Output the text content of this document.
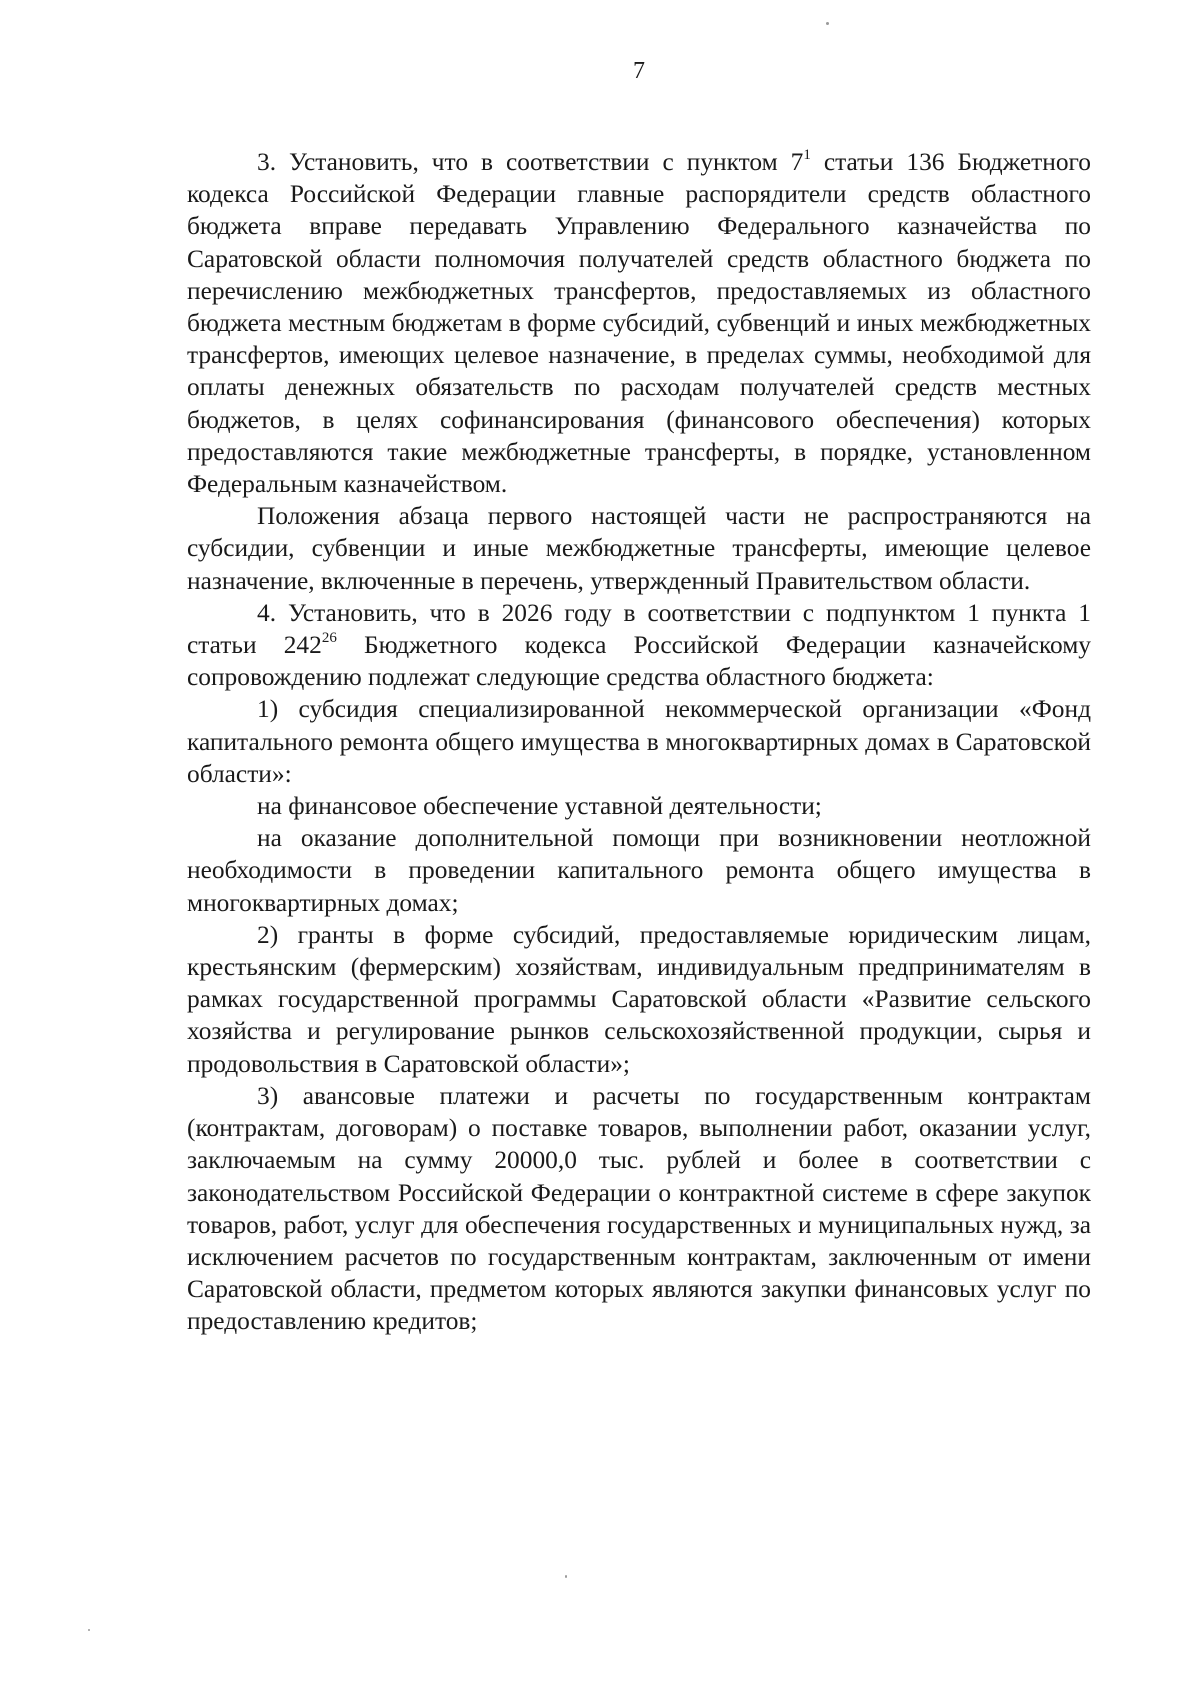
7

3. Установить, что в соответствии с пунктом $7^1$ статьи 136 Бюджетного кодекса Российской Федерации главные распорядители средств областного бюджета вправе передавать Управлению Федерального казначейства по Саратовской области полномочия получателей средств областного бюджета по перечислению межбюджетных трансфертов, предоставляемых из областного бюджета местным бюджетам в форме субсидий, субвенций и иных межбюджетных трансфертов, имеющих целевое назначение, в пределах суммы, необходимой для оплаты денежных обязательств по расходам получателей средств местных бюджетов, в целях софинансирования (финансового обеспечения) которых предоставляются такие межбюджетные трансферты, в порядке, установленном Федеральным казначейством.

Положения абзаца первого настоящей части не распространяются на субсидии, субвенции и иные межбюджетные трансферты, имеющие целевое назначение, включенные в перечень, утвержденный Правительством области.

4. Установить, что в 2026 году в соответствии с подпунктом 1 пункта 1 статьи $242^{26}$ Бюджетного кодекса Российской Федерации казначейскому сопровождению подлежат следующие средства областного бюджета:

1) субсидия специализированной некоммерческой организации «Фонд капитального ремонта общего имущества в многоквартирных домах в Саратовской области»:

на финансовое обеспечение уставной деятельности;

на оказание дополнительной помощи при возникновении неотложной необходимости в проведении капитального ремонта общего имущества в многоквартирных домах;

2) гранты в форме субсидий, предоставляемые юридическим лицам, крестьянским (фермерским) хозяйствам, индивидуальным предпринимателям в рамках государственной программы Саратовской области «Развитие сельского хозяйства и регулирование рынков сельскохозяйственной продукции, сырья и продовольствия в Саратовской области»;

3) авансовые платежи и расчеты по государственным контрактам (контрактам, договорам) о поставке товаров, выполнении работ, оказании услуг, заключаемым на сумму 20000,0 тыс. рублей и более в соответствии с законодательством Российской Федерации о контрактной системе в сфере закупок товаров, работ, услуг для обеспечения государственных и муниципальных нужд, за исключением расчетов по государственным контрактам, заключенным от имени Саратовской области, предметом которых являются закупки финансовых услуг по предоставлению кредитов;
